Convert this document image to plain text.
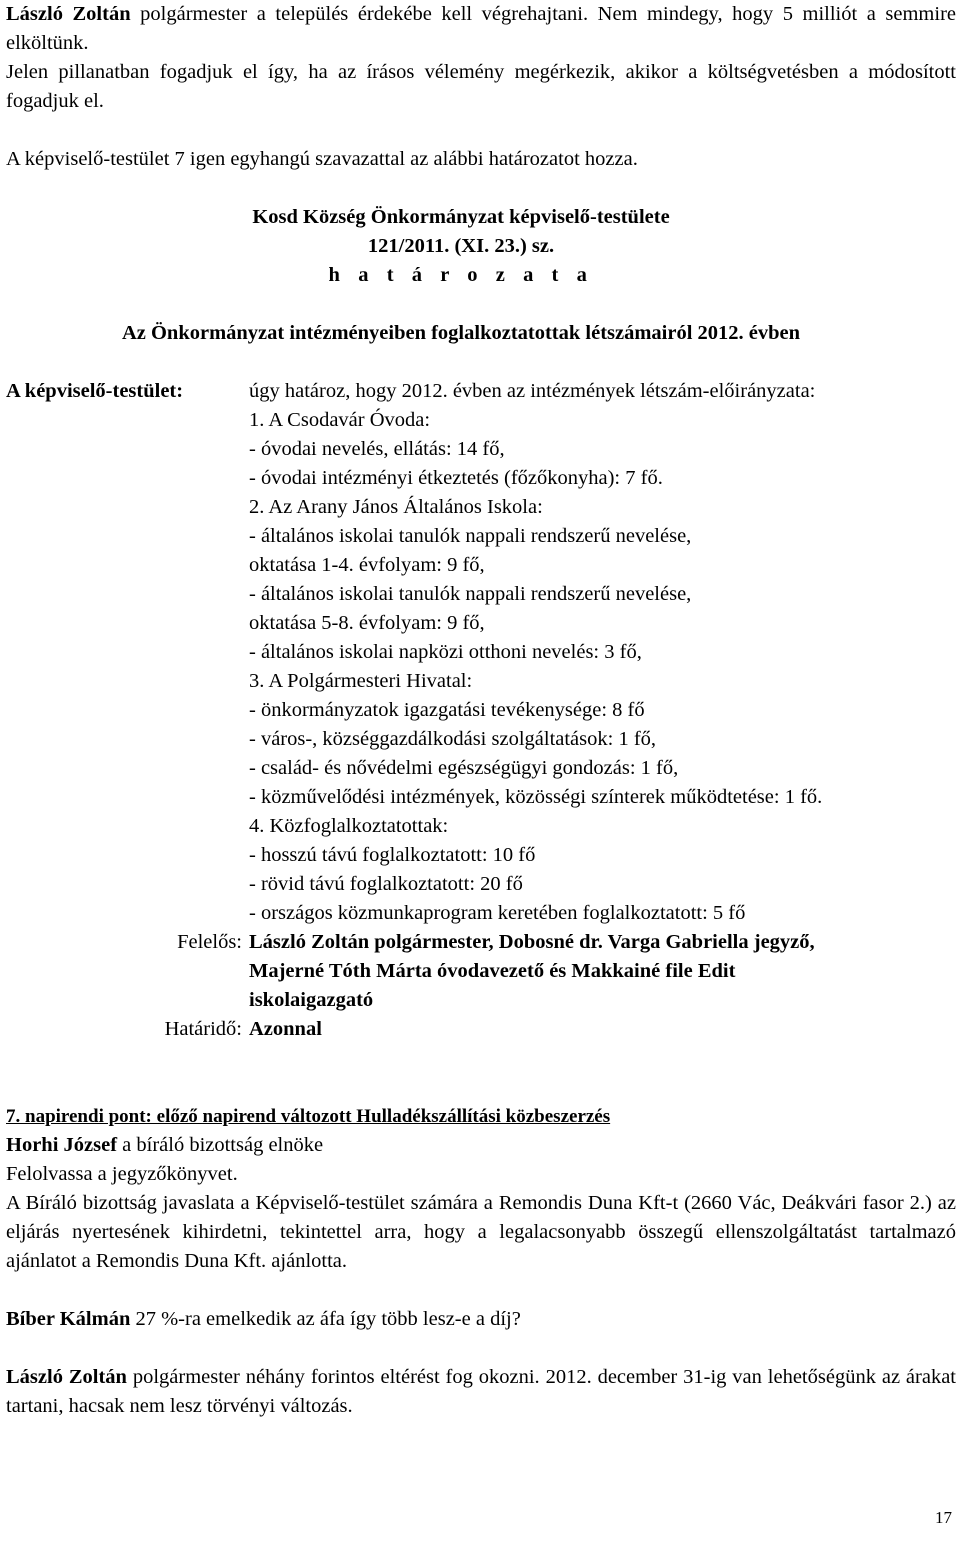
László Zoltán polgármester a település érdekébe kell végrehajtani. Nem mindegy, hogy 5 milliót a semmire elköltünk.

Jelen pillanatban fogadjuk el így, ha az írásos vélemény megérkezik, akikor a költségvetésben a módosított fogadjuk el.

A képviselő-testület 7 igen egyhangú szavazattal az alábbi határozatot hozza.

Kosd Község Önkormányzat képviselő-testülete
121/2011. (XI. 23.) sz.
h a t á r o z a t a
Az Önkormányzat intézményeiben foglalkoztatottak létszámairól 2012. évben
A képviselő-testület:	úgy határoz, hogy 2012. évben az intézmények létszám-előirányzata:
1. A Csodavár Óvoda:
- óvodai nevelés, ellátás: 14 fő,
- óvodai intézményi étkeztetés (főzőkonyha): 7 fő.
2. Az Arany János Általános Iskola:
- általános iskolai tanulók nappali rendszerű nevelése,
oktatása 1-4. évfolyam: 9 fő,
- általános iskolai tanulók nappali rendszerű nevelése,
oktatása 5-8. évfolyam: 9 fő,
- általános iskolai napközi otthoni nevelés: 3 fő,
3. A Polgármesteri Hivatal:
- önkormányzatok igazgatási tevékenysége: 8 fő
- város-, községgazdálkodási szolgáltatások: 1 fő,
- család- és nővédelmi egészségügyi gondozás: 1 fő,
- közművelődési intézmények, közösségi színterek működtetése: 1 fő.
4. Közfoglalkoztatottak:
- hosszú távú foglalkoztatott: 10 fő
- rövid távú foglalkoztatott: 20 fő
- országos közmunkaprogram keretében foglalkoztatott: 5 fő
Felelős: László Zoltán polgármester, Dobosné dr. Varga Gabriella jegyző,
Majerné Tóth Márta óvodavezető és Makkainé file Edit
iskolaigazgató
Határidő: Azonnal

7. napirendi pont: előző napirend változott Hulladékszállítási közbeszerzés

Horhi József a bíráló bizottság elnöke

Felolvassa a jegyzőkönyvet.

A Bíráló bizottság javaslata a Képviselő-testület számára a Remondis Duna Kft-t (2660 Vác, Deákvári fasor 2.) az eljárás nyertesének kihirdetni, tekintettel arra, hogy a legalacsonyabb összegű ellenszolgáltatást tartalmazó ajánlatot a Remondis Duna Kft. ajánlotta.

Bíber Kálmán 27 %-ra emelkedik az áfa így több lesz-e a díj?

László Zoltán polgármester néhány forintos eltérést fog okozni. 2012. december 31-ig van lehetőségünk az árakat tartani, hacsak nem lesz törvényi változás.

17
